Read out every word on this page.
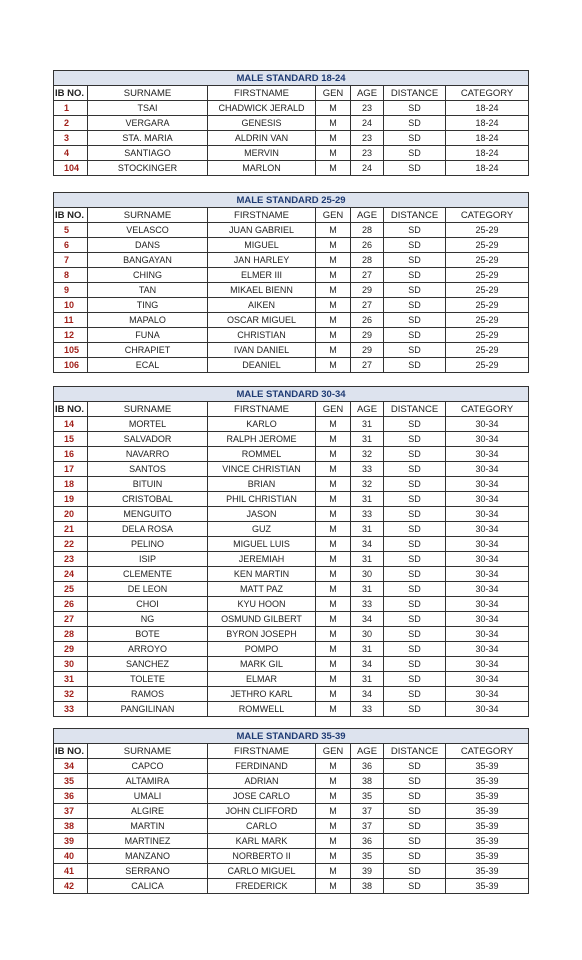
MALE STANDARD 18-24						
IB NO.	SURNAME	FIRSTNAME	GEN	AGE	DISTANCE	CATEGORY
1	TSAI	CHADWICK JERALD	M	23	SD	18-24
2	VERGARA	GENESIS	M	24	SD	18-24
3	STA. MARIA	ALDRIN VAN	M	23	SD	18-24
4	SANTIAGO	MERVIN	M	23	SD	18-24
104	STOCKINGER	MARLON	M	24	SD	18-24
MALE STANDARD 25-29						
IB NO.	SURNAME	FIRSTNAME	GEN	AGE	DISTANCE	CATEGORY
5	VELASCO	JUAN GABRIEL	M	28	SD	25-29
6	DANS	MIGUEL	M	26	SD	25-29
7	BANGAYAN	JAN HARLEY	M	28	SD	25-29
8	CHING	ELMER III	M	27	SD	25-29
9	TAN	MIKAEL BIENN	M	29	SD	25-29
10	TING	AIKEN	M	27	SD	25-29
11	MAPALO	OSCAR MIGUEL	M	26	SD	25-29
12	FUNA	CHRISTIAN	M	29	SD	25-29
105	CHRAPIET	IVAN DANIEL	M	29	SD	25-29
106	ECAL	DEANIEL	M	27	SD	25-29
MALE STANDARD 30-34						
IB NO.	SURNAME	FIRSTNAME	GEN	AGE	DISTANCE	CATEGORY
14	MORTEL	KARLO	M	31	SD	30-34
15	SALVADOR	RALPH JEROME	M	31	SD	30-34
16	NAVARRO	ROMMEL	M	32	SD	30-34
17	SANTOS	VINCE CHRISTIAN	M	33	SD	30-34
18	BITUIN	BRIAN	M	32	SD	30-34
19	CRISTOBAL	PHIL CHRISTIAN	M	31	SD	30-34
20	MENGUITO	JASON	M	33	SD	30-34
21	DELA ROSA	GUZ	M	31	SD	30-34
22	PELINO	MIGUEL LUIS	M	34	SD	30-34
23	ISIP	JEREMIAH	M	31	SD	30-34
24	CLEMENTE	KEN MARTIN	M	30	SD	30-34
25	DE LEON	MATT PAZ	M	31	SD	30-34
26	CHOI	KYU HOON	M	33	SD	30-34
27	NG	OSMUND GILBERT	M	34	SD	30-34
28	BOTE	BYRON JOSEPH	M	30	SD	30-34
29	ARROYO	POMPO	M	31	SD	30-34
30	SANCHEZ	MARK GIL	M	34	SD	30-34
31	TOLETE	ELMAR	M	31	SD	30-34
32	RAMOS	JETHRO KARL	M	34	SD	30-34
33	PANGILINAN	ROMWELL	M	33	SD	30-34
MALE STANDARD 35-39						
IB NO.	SURNAME	FIRSTNAME	GEN	AGE	DISTANCE	CATEGORY
34	CAPCO	FERDINAND	M	36	SD	35-39
35	ALTAMIRA	ADRIAN	M	38	SD	35-39
36	UMALI	JOSE CARLO	M	35	SD	35-39
37	ALGIRE	JOHN CLIFFORD	M	37	SD	35-39
38	MARTIN	CARLO	M	37	SD	35-39
39	MARTINEZ	KARL MARK	M	36	SD	35-39
40	MANZANO	NORBERTO II	M	35	SD	35-39
41	SERRANO	CARLO MIGUEL	M	39	SD	35-39
42	CALICA	FREDERICK	M	38	SD	35-39
